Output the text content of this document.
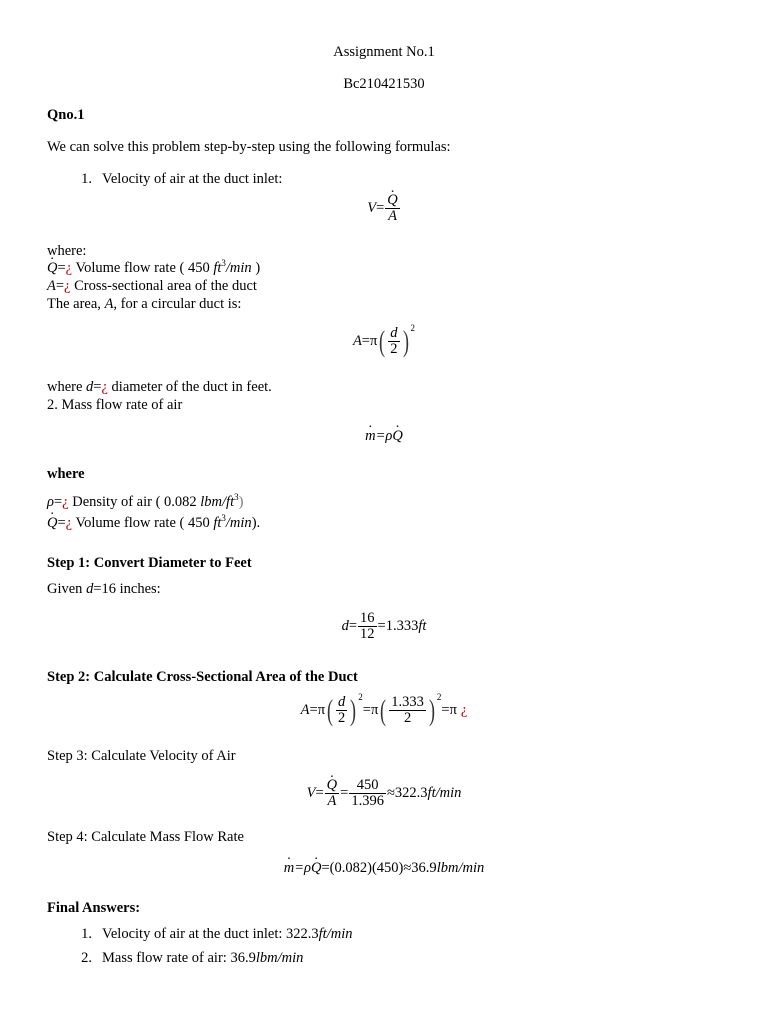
Assignment No.1
Bc210421530
Qno.1
We can solve this problem step-by-step using the following formulas:
1. Velocity of air at the duct inlet:
V=
· $\frac{Q}{A}$
where:
· Q=¿ Volume flow rate ( 450 $ft^3/\min$ )
A=¿ Cross-sectional area of the duct
The area, A, for a circular duct is:
$A=\pi( \frac{d}{2}$ ) $^2$
where d=¿ diameter of the duct in feet.
2. Mass flow rate of air
· m=ρ· Q
where
ρ=¿ Density of air ( 0.082 lbm/$ft^3$)
· Q=¿ Volume flow rate ( 450 $ft^3/\min$).
Step 1: Convert Diameter to Feet
Given d=16 inches:
$d= \frac{16}{12} =1.333ft$
Step 2: Calculate Cross-Sectional Area of the Duct
$A=\pi( \frac{d}{2}$ ) $^2=\pi( \frac{1.333}{2}$ ) $^2$=π ¿
Step 3: Calculate Velocity of Air
V=
· $\frac{Q}{A} = \frac{450}{1.396} \approx 322.3ft/\min$
Step 4: Calculate Mass Flow Rate
· m=ρ· Q=(0.082)(450)≈36.9lbm/min
Final Answers:
1. Velocity of air at the duct inlet: 322.3ft/min
2. Mass flow rate of air: 36.9lbm/min
